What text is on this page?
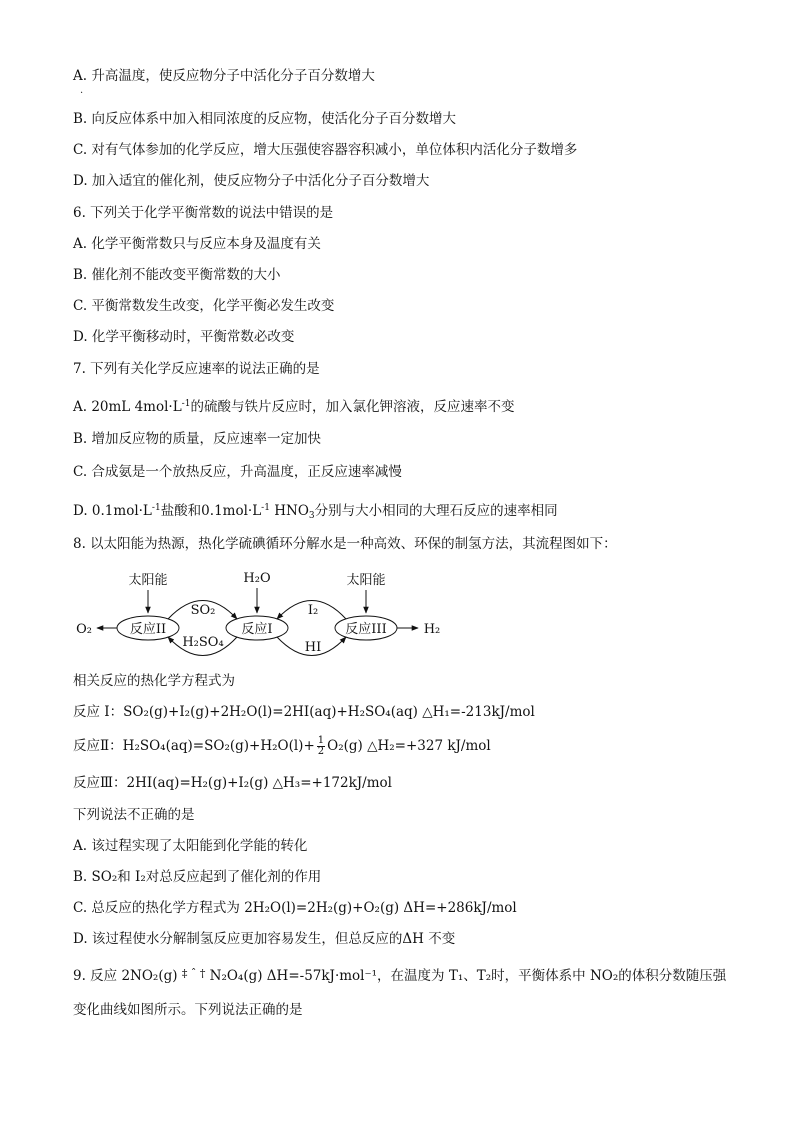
A. 升高温度，使反应物分子中活化分子百分数增大
·
B. 向反应体系中加入相同浓度的反应物，使活化分子百分数增大
C. 对有气体参加的化学反应，增大压强使容器容积减小，单位体积内活化分子数增多
D. 加入适宜的催化剂，使反应物分子中活化分子百分数增大
6. 下列关于化学平衡常数的说法中错误的是
A. 化学平衡常数只与反应本身及温度有关
B. 催化剂不能改变平衡常数的大小
C. 平衡常数发生改变，化学平衡必发生改变
D. 化学平衡移动时，平衡常数必改变
7. 下列有关化学反应速率的说法正确的是
A. 20mL $4mol\cdot L^{-1}$的硫酸与铁片反应时，加入氯化钾溶液，反应速率不变
B. 增加反应物的质量，反应速率一定加快
C. 合成氨是一个放热反应，升高温度，正反应速率减慢
D. $0.1mol\cdot L^{-1}$盐酸和$0.1mol\cdot L^{-1}$ $HNO_3$分别与大小相同的大理石反应的速率相同
8. 以太阳能为热源，热化学硫碘循环分解水是一种高效、环保的制氢方法，其流程图如下：
反应II	反应I	反应III
太阳能	太阳能
H₂O
O₂	H₂
SO₂
H₂SO₄
I₂
HI
相关反应的热化学方程式为
反应 I：SO₂(g)+I₂(g)+2H₂O(l)=2HI(aq)+H₂SO₄(aq) △H₁=-213kJ/mol
反应Ⅱ：$H_2SO_4(aq)=SO_2(g)+H_2O(l)+ \frac{1}{2} O_2(g)$ △H₂=+327 kJ/mol
反应Ⅲ：2HI(aq)=H₂(g)+I₂(g) △H₃=+172kJ/mol
下列说法不正确的是
A. 该过程实现了太阳能到化学能的转化
B. SO₂和 I₂对总反应起到了催化剂的作用
C. 总反应的热化学方程式为 2H₂O(l)=2H₂(g)+O₂(g) ΔH=+286kJ/mol
D. 该过程使水分解制氢反应更加容易发生，但总反应的ΔH 不变
9. 反应 2NO₂(g) $^{\ddagger ˆ \dagger}$ N₂O₄(g) ΔH=-57kJ·mol⁻¹，在温度为 T₁、T₂时，平衡体系中 NO₂的体积分数随压强
变化曲线如图所示。下列说法正确的是
